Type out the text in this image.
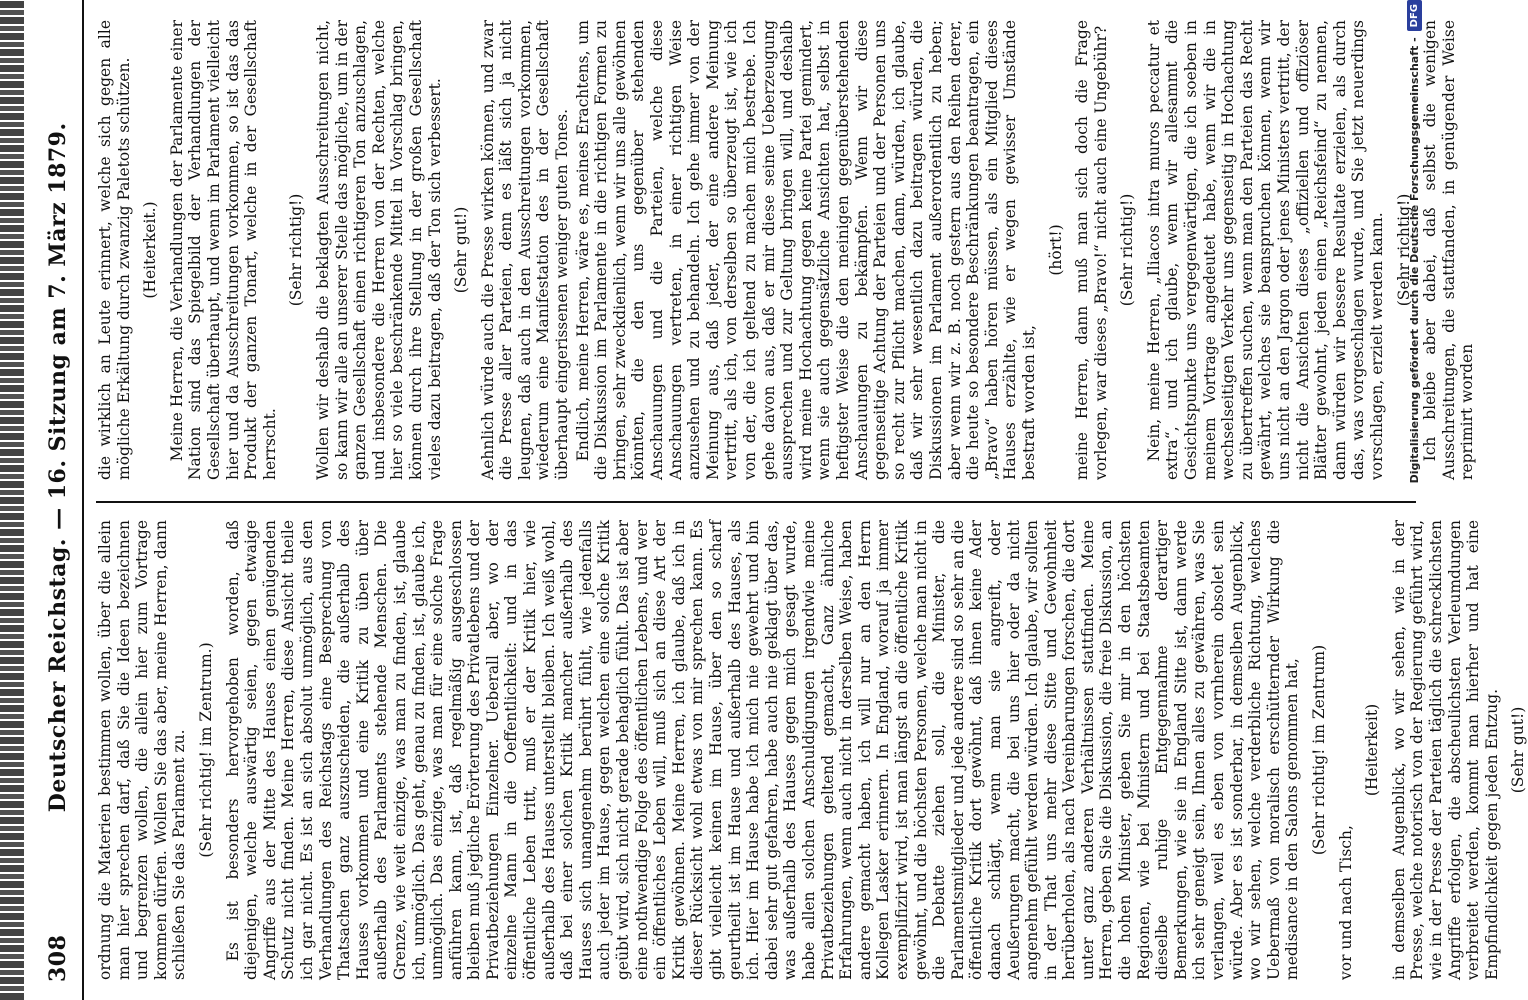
308
Deutscher Reichstag. — 16. Sitzung am 7. März 1879. ordnung die Materien bestimmen wollen, über die allein man hier sprechen darf, daß Sie die Ideen bezeichnen und begrenzen wollen, die allein hier zum Vortrage kommen dürfen. Wollen Sie das aber, meine Herren, dann schließen Sie das Parlament zu. (Sehr richtig! im Zentrum.) Es ist besonders hervorgehoben worden, daß diejenigen, welche auswärtig seien, gegen etwaige Angriffe aus der Mitte des Hauses einen genügenden Schutz nicht finden. Meine Herren, diese Ansicht theile ich gar nicht. Es ist an sich absolut unmöglich, aus den Verhandlungen des Reichstags eine Besprechung von Thatsachen ganz auszuscheiden, die außerhalb des Hauses vorkommen und eine Kritik zu üben über außerhalb des Parlaments stehende Menschen. Die Grenze, wie weit einzige, was man zu finden, ist, glaube ich, unmöglich. Das geht, genau zu finden, ist, glaube ich, unmöglich. Das einzige, was man für eine solche Frage anführen kann, ist, daß regelmäßig ausgeschlossen bleiben muß jegliche Erörterung des Privatlebens und der Privatbeziehungen Einzelner. Ueberall aber, wo der einzelne Mann in die Oeffentlichkeit: und in das öffentliche Leben tritt, muß er der Kritik hier, wie außerhalb des Hauses unterstellt bleiben. Ich weiß wohl, daß bei einer solchen Kritik mancher außerhalb des Hauses sich unangenehm berührt fühlt, wie jedenfalls auch jeder im Hause, gegen welchen eine solche Kritik geübt wird, sich nicht gerade behaglich fühlt. Das ist aber eine nothwendige Folge des öffentlichen Lebens, und wer ein öffentliches Leben will, muß sich an diese Art der Kritik gewöhnen. Meine Herren, ich glaube, daß ich in dieser Rücksicht wohl etwas von mir sprechen kann. Es gibt vielleicht keinen im Hause, über den so scharf geurtheilt ist im Hause und außerhalb des Hauses, als ich. Hier im Hause habe ich mich nie gewehrt und bin dabei sehr gut gefahren, habe auch nie geklagt über das, was außerhalb des Hauses gegen mich gesagt wurde, habe allen solchen Anschuldigungen irgendwie meine Privatbeziehungen geltend gemacht, Ganz ähnliche Erfahrungen, wenn auch nicht in derselben Weise, haben andere gemacht haben, ich will nur an den Herrn Kollegen Lasker erinnern. In England, worauf ja immer exemplifizirt wird, ist man längst an die öffentliche Kritik gewöhnt, und die höchsten Personen, welche man nicht in die Debatte ziehen soll, die Minister, die Parlamentsmitglieder und jede andere sind so sehr an die öffentliche Kritik dort gewöhnt, daß ihnen keine Ader danach schlägt, wenn man sie angreift, oder Aeußerungen macht, die bei uns hier oder da nicht angenehm gefühlt werden würden. Ich glaube, wir sollten in der That uns mehr diese Sitte und Gewohnheit herüberholen, als nach Vereinbarungen forschen, die dort unter ganz anderen Verhältnissen stattfinden. Meine Herren, geben Sie die Diskussion, die freie Diskussion, an die hohen Minister, geben Sie mir in den höchsten Regionen, wie bei Ministern und bei Staatsbeamten dieselbe ruhige Entgegennahme derartiger Bemerkungen, wie sie in England Sitte ist, dann werde ich sehr geneigt sein, Ihnen alles zu gewähren, was Sie verlangen, weil es eben von vornherein obsolet sein würde. Aber es ist sonderbar, in demselben Augenblick, wo wir sehen, welche verderbliche Richtung, welches Uebermaß von moralisch erschütternder Wirkung die medisance in den Salons genommen hat, (Sehr richtig! im Zentrum)

vor und nach Tisch,

(Heiterkeit) in demselben Augenblick, wo wir sehen, wie in der Presse, welche notorisch von der Regierung geführt wird, wie in der Presse der Parteien täglich die schrecklichsten Angriffe erfolgen, die abscheulichsten Verleumdungen verbreitet werden, kommt man hierher und hat eine Empfindlichkeit gegen jeden Entzug. (Sehr gut!)

die wirklich an Leute erinnert, welche sich gegen alle mögliche Erkältung durch zwanzig Paletots schützen. (Heiterkeit.) Meine Herren, die Verhandlungen der Parlamente einer Nation sind das Spiegelbild der Verhandlungen der Gesellschaft überhaupt, und wenn im Parlament vielleicht hier und da Ausschreitungen vorkommen, so ist das das Produkt der ganzen Tonart, welche in der Gesellschaft herrscht.

(Sehr richtig!) Wollen wir deshalb die beklagten Ausschreitungen nicht, so kann wir alle an unserer Stelle das mögliche, um in der ganzen Gesellschaft einen richtigeren Ton anzuschlagen, und insbesondere die Herren von der Rechten, welche hier so viele beschränkende Mittel in Vorschlag bringen, können durch ihre Stellung in der großen Gesellschaft vieles dazu beitragen, daß der Ton sich verbessert. (Sehr gut!) Aehnlich würde auch die Presse wirken können, und zwar die Presse aller Parteien, denn es läßt sich ja nicht leugnen, daß auch in den Ausschreitungen vorkommen, wiederum eine Manifestation des in der Gesellschaft überhaupt eingerissenen weniger guten Tones. Endlich, meine Herren, wäre es, meines Erachtens, um die Diskussion im Parlamente in die richtigen Formen zu bringen, sehr zweckdienlich, wenn wir uns alle gewöhnen könnten, die den uns gegenüber stehenden Anschauungen und die Parteien, welche diese Anschauungen vertreten, in einer richtigen Weise anzusehen und zu behandeln. Ich gehe immer von der Meinung aus, daß jeder, der eine andere Meinung vertritt, als ich, von derselben so überzeugt ist, wie ich von der, die ich geltend zu machen mich bestrebe. Ich gehe davon aus, daß er mir diese seine Ueberzeugung aussprechen und zur Geltung bringen will, und deshalb wird meine Hochachtung gegen keine Partei gemindert, wenn sie auch gegensätzliche Ansichten hat, selbst in heftigster Weise die den meinigen gegenüberstehenden Anschauungen zu bekämpfen. Wenn wir diese gegenseitige Achtung der Parteien und der Personen uns so recht zur Pflicht machen, dann, würden, ich glaube, daß wir sehr wesentlich dazu beitragen würden, die Diskussionen im Parlament außerordentlich zu heben; aber wenn wir z. B. noch gestern aus den Reihen derer, die heute so besondere Beschränkungen beantragen, ein „Bravo“ haben hören müssen, als ein Mitglied dieses Hauses erzählte, wie er wegen gewisser Umstände bestraft worden ist,

(hört!) meine Herren, dann muß man sich doch die Frage vorlegen, war dieses „Bravo!“ nicht auch eine Ungebühr? (Sehr richtig!) Nein, meine Herren, „Iliacos intra muros peccatur et extra“, und ich glaube, wenn wir allesammt die Gesichtspunkte uns vergegenwärtigen, die ich soeben in meinem Vortrage angedeutet habe, wenn wir die in wechselseitigen Verkehr uns gegenseitig in Hochachtung zu übertreffen suchen, wenn man den Parteien das Recht gewährt, welches sie beanspruchen können, wenn wir uns nicht an den Jargon oder jenes Ministers vertritt, der nicht die Ansichten dieses „offiziellen und offiziöser Blätter gewohnt, jeden einen „Reichsfeind“ zu nennen, dann würden wir bessere Resultate erzielen, als durch das, was vorgeschlagen wurde, und Sie jetzt neuerdings vorschlagen, erzielt werden kann. (Sehr richtig!) Ich bleibe aber dabei, daß selbst die wenigen Ausschreitungen, die stattfanden, in genügender Weise reprimirt worden

Digitalisierung gefördert durch die Deutsche Forschungsgemeinschaft -
DFG
